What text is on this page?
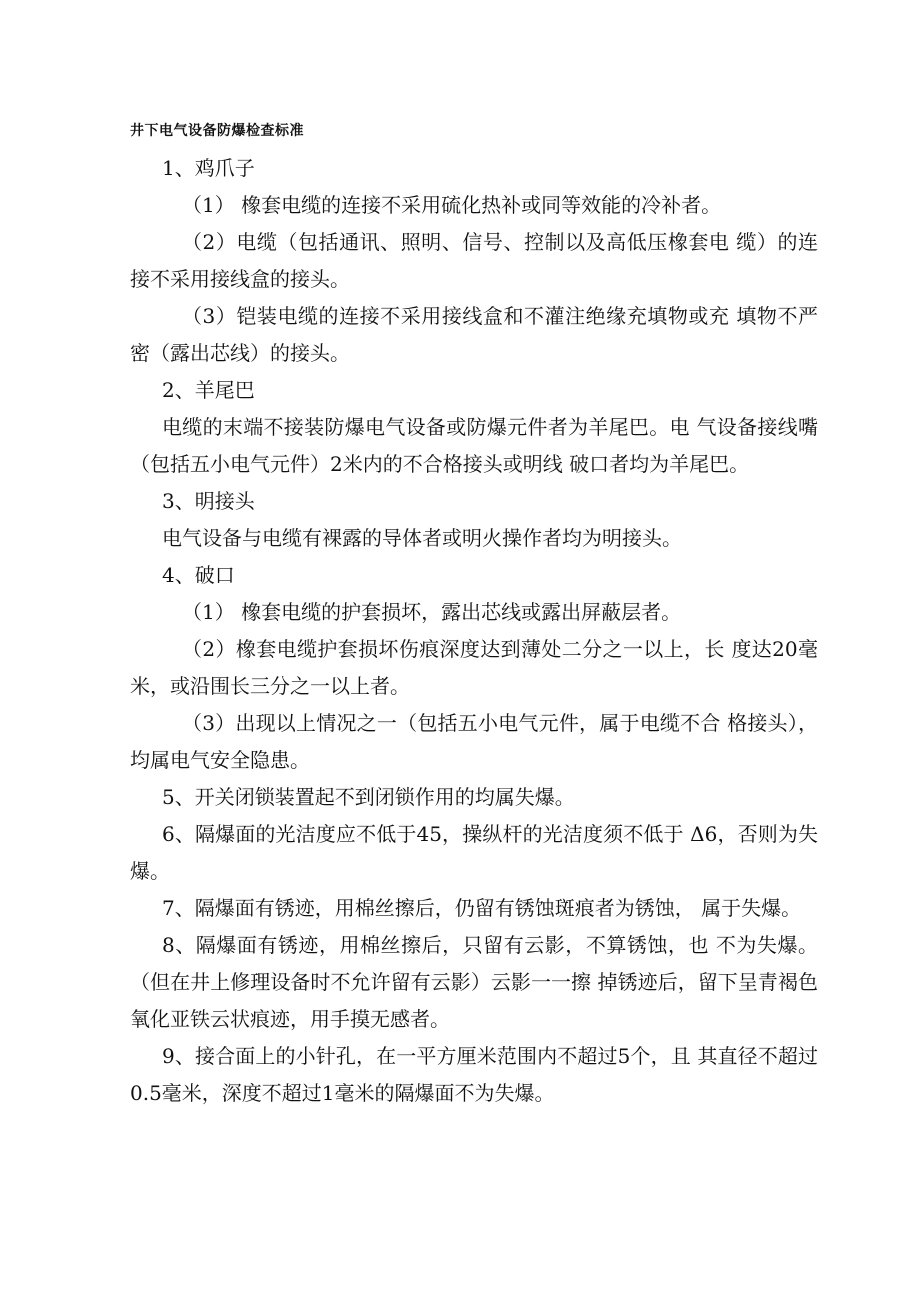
井下电气设备防爆检查标准

1、鸡爪子

（1） 橡套电缆的连接不采用硫化热补或同等效能的冷补者。

（2）电缆（包括通讯、照明、信号、控制以及高低压橡套电 缆）的连接不采用接线盒的接头。

（3）铠装电缆的连接不采用接线盒和不灌注绝缘充填物或充 填物不严密（露出芯线）的接头。

2、羊尾巴

电缆的末端不接装防爆电气设备或防爆元件者为羊尾巴。电 气设备接线嘴（包括五小电气元件）2米内的不合格接头或明线 破口者均为羊尾巴。

3、明接头

电气设备与电缆有裸露的导体者或明火操作者均为明接头。

4、破口

（1） 橡套电缆的护套损坏，露出芯线或露出屏蔽层者。

（2）橡套电缆护套损坏伤痕深度达到薄处二分之一以上，长 度达20毫米，或沿围长三分之一以上者。

（3）出现以上情况之一（包括五小电气元件，属于电缆不合 格接头），均属电气安全隐患。

5、开关闭锁装置起不到闭锁作用的均属失爆。

6、隔爆面的光洁度应不低于45，操纵杆的光洁度须不低于 Δ6，否则为失爆。

7、隔爆面有锈迹，用棉丝擦后，仍留有锈蚀斑痕者为锈蚀， 属于失爆。

8、隔爆面有锈迹，用棉丝擦后，只留有云影，不算锈蚀，也 不为失爆。（但在井上修理设备时不允许留有云影）云影一一擦 掉锈迹后，留下呈青褐色氧化亚铁云状痕迹，用手摸无感者。

9、接合面上的小针孔，在一平方厘米范围内不超过5个，且 其直径不超过0.5毫米，深度不超过1毫米的隔爆面不为失爆。
